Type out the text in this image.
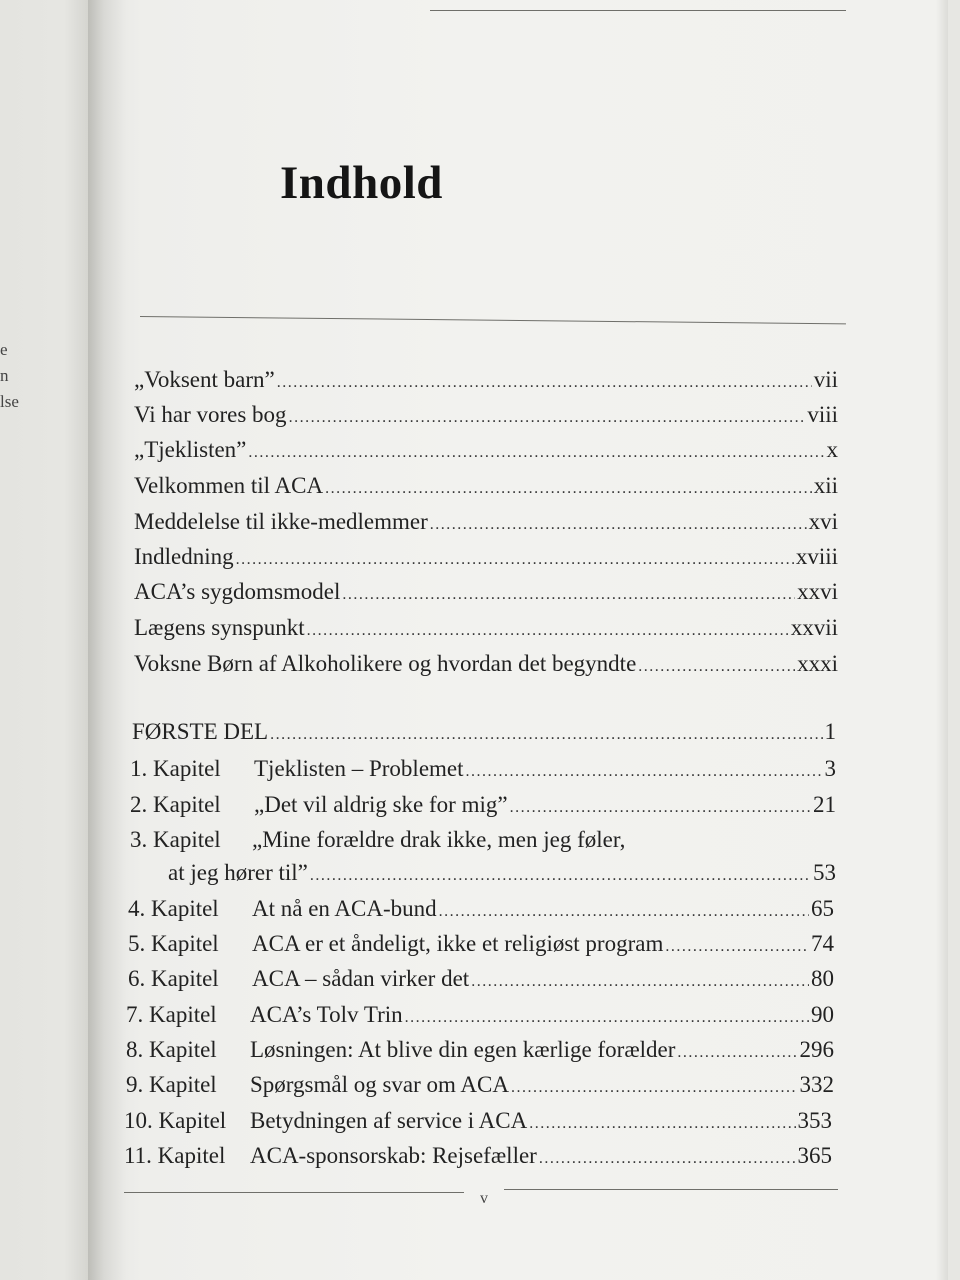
e
n
lse
Indhold
„Voksent barn” .....	vii
Vi har vores bog .....	viii
„Tjeklisten” .....	x
Velkommen til ACA .....	xii
Meddelelse til ikke-medlemmer .....	xvi
Indledning .....	xviii
ACA’s sygdomsmodel .....	xxvi
Lægens synspunkt .....	xxvii
Voksne Børn af Alkoholikere og hvordan det begyndte .....	xxxi
FØRSTE DEL .....	1
1. Kapitel	Tjeklisten – Problemet .....	3
2. Kapitel	„Det vil aldrig ske for mig” .....	21
3. Kapitel „Mine forældre drak ikke, men jeg føler,
at jeg hører til” .....	53
4. Kapitel	At nå en ACA-bund .....	65
5. Kapitel	ACA er et åndeligt, ikke et religiøst program .....	74
6. Kapitel	ACA – sådan virker det .....	80
7. Kapitel	ACA’s Tolv Trin .....	90
8. Kapitel	Løsningen: At blive din egen kærlige forælder .....	296
9. Kapitel	Spørgsmål og svar om ACA .....	332
10. Kapitel	Betydningen af service i ACA .....	353
11. Kapitel	ACA-sponsorskab: Rejsefæller .....	365
v
